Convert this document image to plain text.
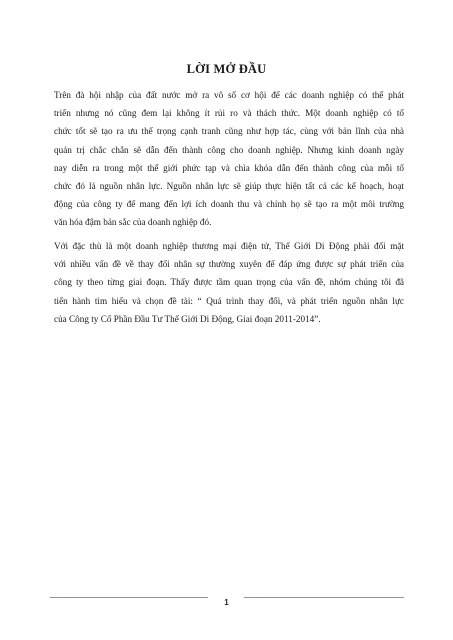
LỜI MỞ ĐẦU
Trên đà hội nhập của đất nước mở ra vô số cơ hội để các doanh nghiệp có thể phát
triển nhưng nó cũng đem lại không ít rủi ro và thách thức. Một doanh nghiệp có tổ
chức tốt sẽ tạo ra ưu thế trọng cạnh tranh cũng như hợp tác, cùng với bản lĩnh của nhà
quản trị chắc chắn sẽ dẫn đến thành công cho doanh nghiệp. Nhưng kinh doanh ngày
nay diễn ra trong một thế giới phức tạp và chìa khóa dẫn đến thành công của mỗi tổ
chức đó là nguồn nhân lực. Nguồn nhân lực sẽ giúp thực hiện tất cả các kế hoạch, hoạt
động của công ty để mang đến lợi ích doanh thu và chính họ sẽ tạo ra một môi trường
văn hóa đậm bản sắc của doanh nghiệp đó.
Với đặc thù là một doanh nghiệp thương mại điện tử, Thế Giới Di Động phải đối mặt
với nhiều vấn đề về thay đổi nhân sự thường xuyên để đáp ứng được sự phát triển của
công ty theo từng giai đoạn. Thấy được tầm quan trọng của vấn đề, nhóm chúng tôi đã
tiến hành tìm hiểu và chọn đề tài: “ Quá trình thay đổi, và phát triển nguồn nhân lực
của Công ty Cổ Phần Đầu Tư Thế Giới Di Động, Giai đoạn 2011-2014”.
1
